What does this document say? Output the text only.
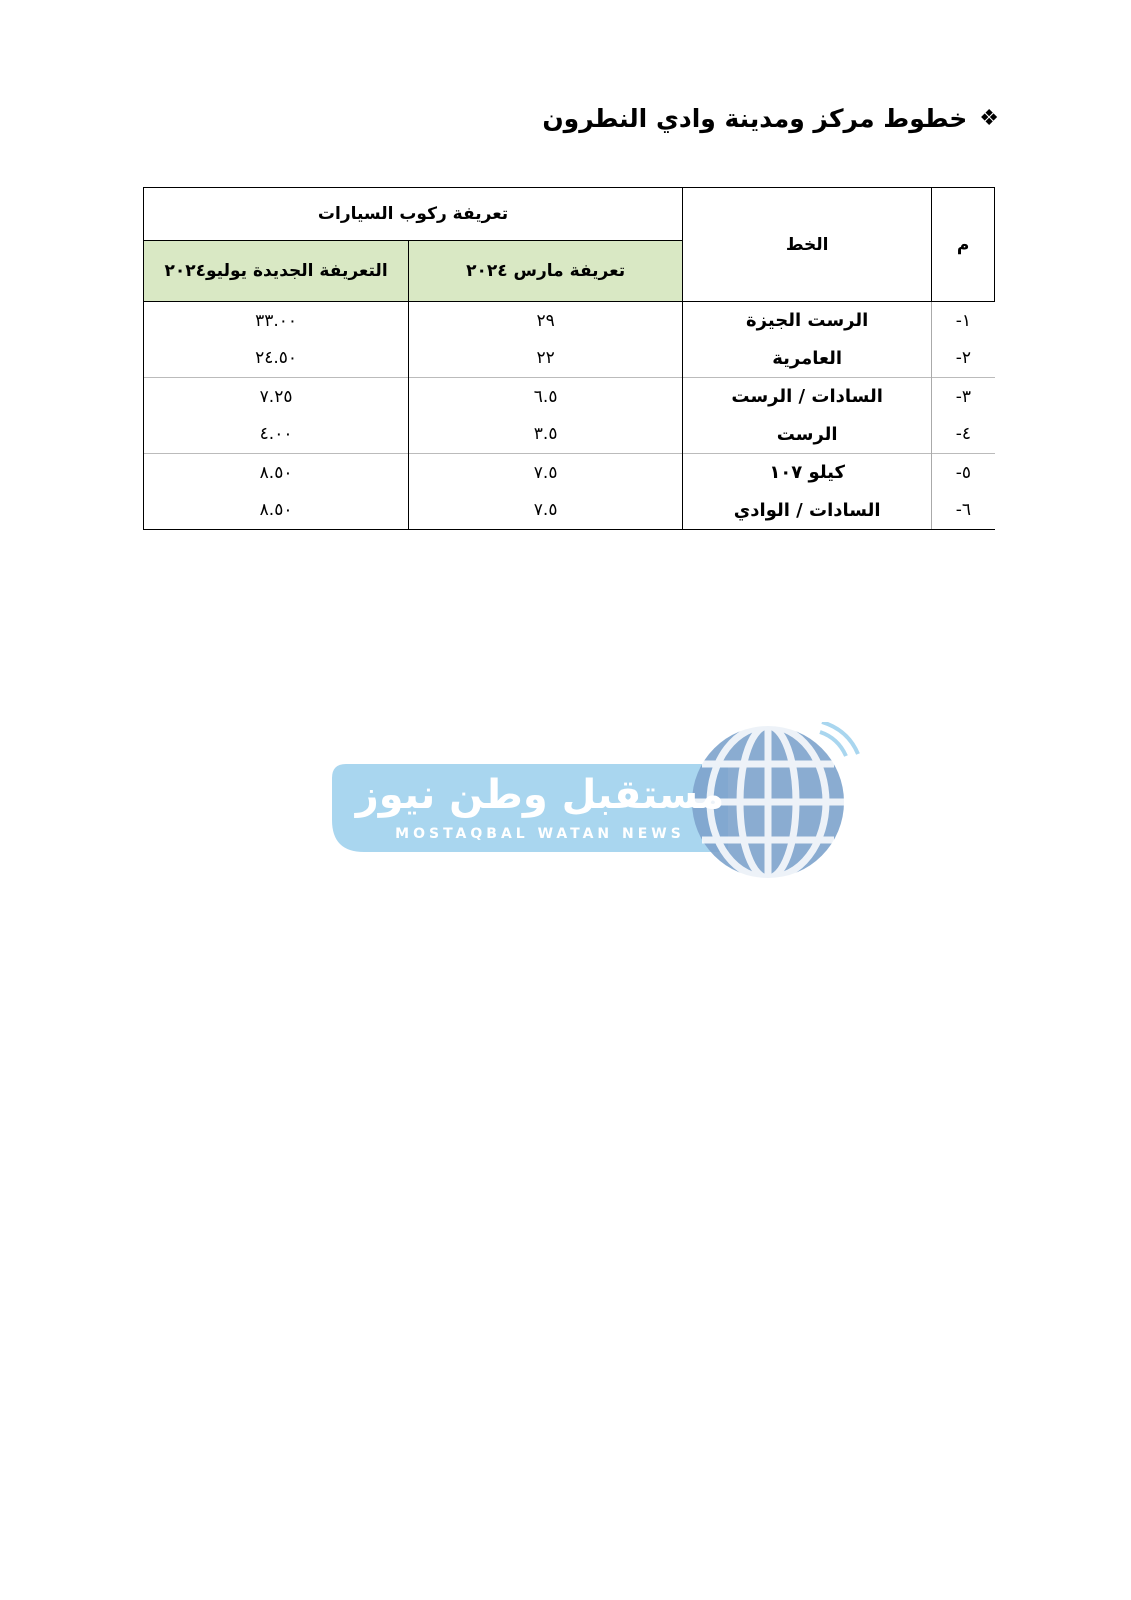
❖
خطوط مركز ومدينة وادي النطرون
م	الخط	تعريفة ركوب السيارات	
		تعريفة مارس ٢٠٢٤	التعريفة الجديدة يوليو٢٠٢٤
١-	الرست الجيزة	٢٩	٣٣.٠٠
٢-	العامرية	٢٢	٢٤.٥٠
٣-	السادات / الرست	٦.٥	٧.٢٥
٤-	الرست	٣.٥	٤.٠٠
٥-	كيلو ١٠٧	٧.٥	٨.٥٠
٦-	السادات / الوادي	٧.٥	٨.٥٠
مستقبل وطن نيوز
MOSTAQBAL WATAN NEWS
